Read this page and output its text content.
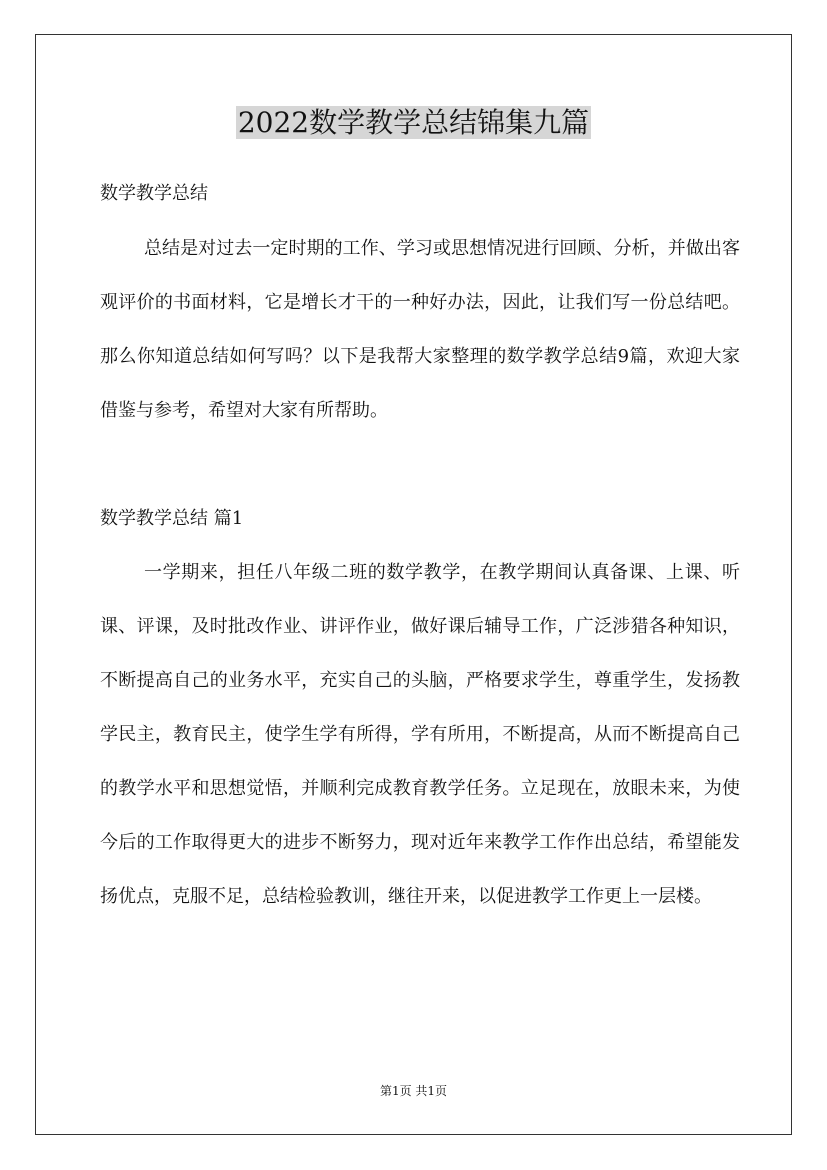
2022数学教学总结锦集九篇
数学教学总结

总结是对过去一定时期的工作、学习或思想情况进行回顾、分析，并做出客观评价的书面材料，它是增长才干的一种好办法，因此，让我们写一份总结吧。那么你知道总结如何写吗？以下是我帮大家整理的数学教学总结9篇，欢迎大家借鉴与参考，希望对大家有所帮助。

数学教学总结 篇1

一学期来，担任八年级二班的数学教学，在教学期间认真备课、上课、听课、评课，及时批改作业、讲评作业，做好课后辅导工作，广泛涉猎各种知识，不断提高自己的业务水平，充实自己的头脑，严格要求学生，尊重学生，发扬教学民主，教育民主，使学生学有所得，学有所用，不断提高，从而不断提高自己的教学水平和思想觉悟，并顺利完成教育教学任务。立足现在，放眼未来，为使今后的工作取得更大的进步不断努力，现对近年来教学工作作出总结，希望能发扬优点，克服不足，总结检验教训，继往开来，以促进教学工作更上一层楼。

第1页 共1页
